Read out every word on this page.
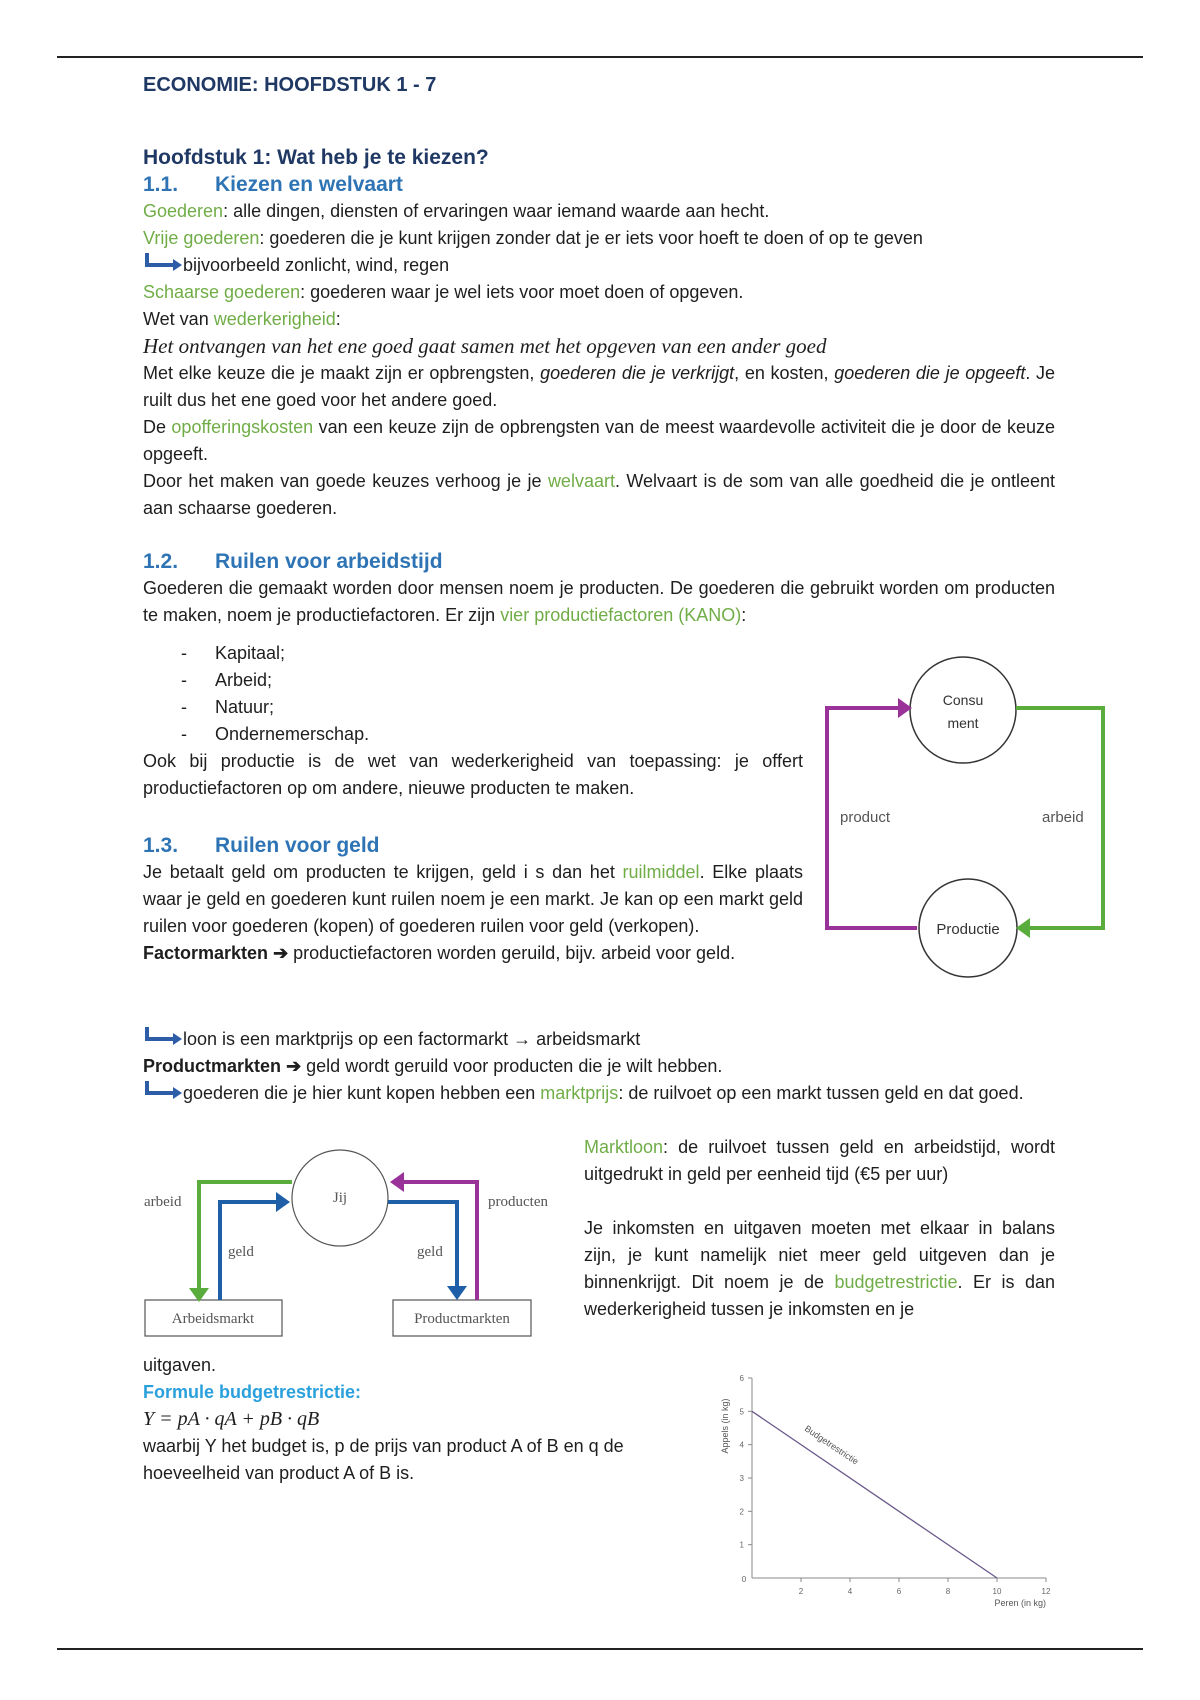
ECONOMIE: HOOFDSTUK 1 - 7
Hoofdstuk 1: Wat heb je te kiezen?
1.1. Kiezen en welvaart

Goederen: alle dingen, diensten of ervaringen waar iemand waarde aan hecht.

Vrije goederen: goederen die je kunt krijgen zonder dat je er iets voor hoeft te doen of op te geven

bijvoorbeeld zonlicht, wind, regen

Schaarse goederen: goederen waar je wel iets voor moet doen of opgeven.

Wet van wederkerigheid:

Het ontvangen van het ene goed gaat samen met het opgeven van een ander goed

Met elke keuze die je maakt zijn er opbrengsten, goederen die je verkrijgt, en kosten, goederen die je opgeeft. Je ruilt dus het ene goed voor het andere goed.

De opofferingskosten van een keuze zijn de opbrengsten van de meest waardevolle activiteit die je door de keuze opgeeft.

Door het maken van goede keuzes verhoog je je welvaart. Welvaart is de som van alle goedheid die je ontleent aan schaarse goederen.

1.2. Ruilen voor arbeidstijd

Goederen die gemaakt worden door mensen noem je producten. De goederen die gebruikt worden om producten te maken, noem je productiefactoren. Er zijn vier productiefactoren (KANO):

- Kapitaal;
- Arbeid;
- Natuur;
- Ondernemerschap.
Ook bij productie is de wet van wederkerigheid van toepassing: je offert productiefactoren op om andere, nieuwe producten te maken.
1.3. Ruilen voor geld

Je betaalt geld om producten te krijgen, geld i s dan het ruilmiddel. Elke plaats waar je geld en goederen kunt ruilen noem je een markt. Je kan op een markt geld ruilen voor goederen (kopen) of goederen ruilen voor geld (verkopen).

Factormarkten ➔ productiefactoren worden geruild, bijv. arbeid voor geld.

loon is een marktprijs op een factormarkt → arbeidsmarkt

Productmarkten ➔ geld wordt geruild voor producten die je wilt hebben.

goederen die je hier kunt kopen hebben een marktprijs: de ruilvoet op een markt tussen geld en dat goed.

Marktloon: de ruilvoet tussen geld en arbeidstijd, wordt uitgedrukt in geld per eenheid tijd (€5 per uur)

Je inkomsten en uitgaven moeten met elkaar in balans zijn, je kunt namelijk niet meer geld uitgeven dan je binnenkrijgt. Dit noem je de budgetrestrictie. Er is dan wederkerigheid tussen je inkomsten en je

uitgaven.

Formule budgetrestrictie:

Y = pA · qA + pB · qB

waarbij Y het budget is, p de prijs van product A of B en q de hoeveelheid van product A of B is.

Consu
ment
Productie
product	arbeid
Jij
Arbeidsmarkt	Productmarkten
arbeid
geld
producten
geld
0
2	4	6	8	10	12
1
2
3
4
5
6
Appels (in kg)
Peren (in kg)
Budgetrestrictie
